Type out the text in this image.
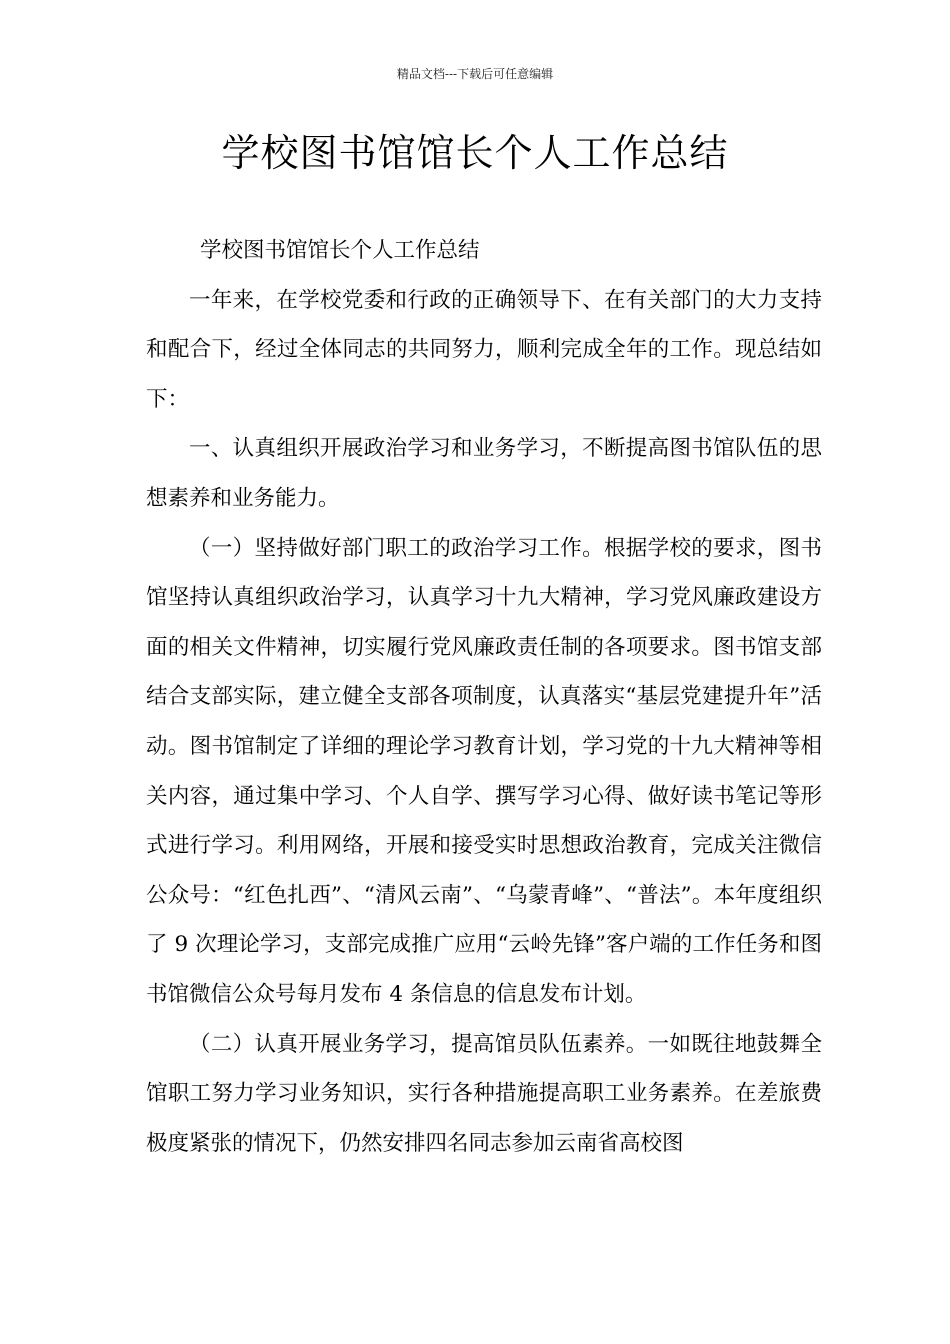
精品文档---下载后可任意编辑
学校图书馆馆长个人工作总结

学校图书馆馆长个人工作总结

一年来，在学校党委和行政的正确领导下、在有关部门的大力支持和配合下，经过全体同志的共同努力，顺利完成全年的工作。现总结如下：

一、认真组织开展政治学习和业务学习，不断提高图书馆队伍的思想素养和业务能力。

（一）坚持做好部门职工的政治学习工作。根据学校的要求，图书馆坚持认真组织政治学习，认真学习十九大精神，学习党风廉政建设方面的相关文件精神，切实履行党风廉政责任制的各项要求。图书馆支部结合支部实际，建立健全支部各项制度，认真落实“基层党建提升年”活动。图书馆制定了详细的理论学习教育计划，学习党的十九大精神等相关内容，通过集中学习、个人自学、撰写学习心得、做好读书笔记等形式进行学习。利用网络，开展和接受实时思想政治教育，完成关注微信公众号：“红色扎西”、“清风云南”、“乌蒙青峰”、“普法”。本年度组织了 9 次理论学习，支部完成推广应用“云岭先锋”客户端的工作任务和图书馆微信公众号每月发布 4 条信息的信息发布计划。

（二）认真开展业务学习，提高馆员队伍素养。一如既往地鼓舞全馆职工努力学习业务知识，实行各种措施提高职工业务素养。在差旅费极度紧张的情况下，仍然安排四名同志参加云南省高校图
